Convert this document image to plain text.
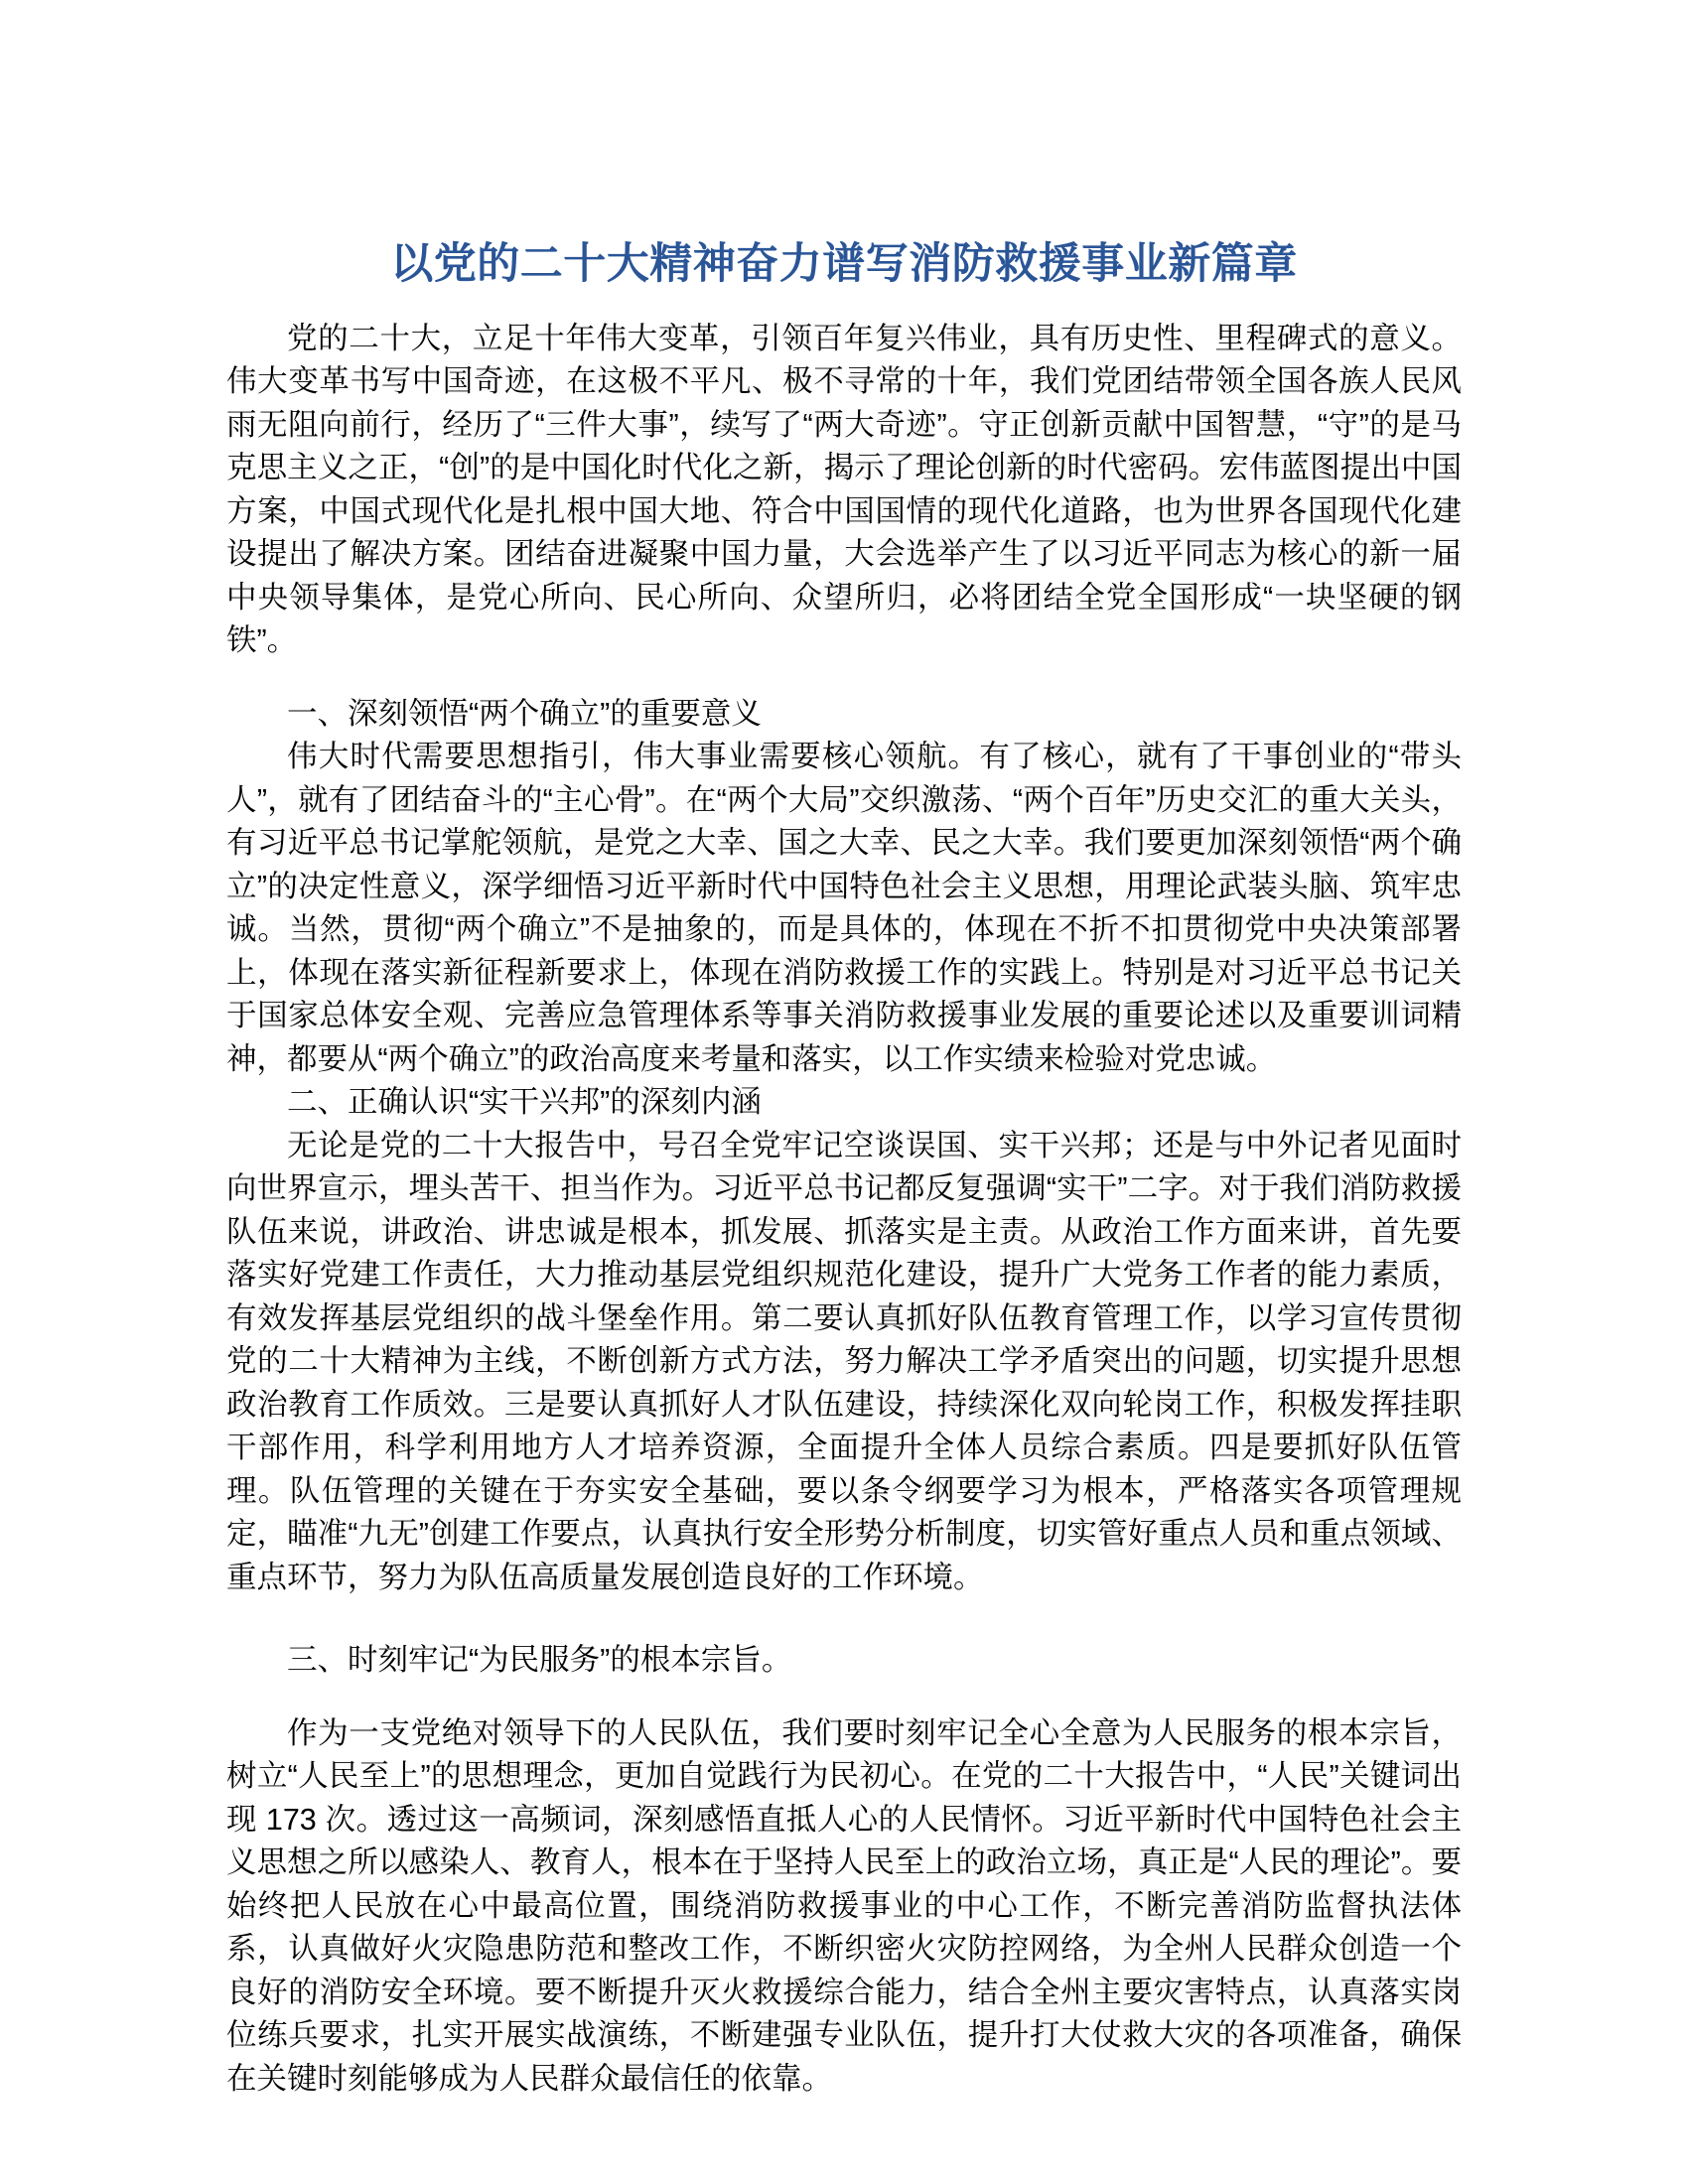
以党的二十大精神奋力谱写消防救援事业新篇章

党的二十大，立足十年伟大变革，引领百年复兴伟业，具有历史性、里程碑式的意义。伟大变革书写中国奇迹，在这极不平凡、极不寻常的十年，我们党团结带领全国各族人民风雨无阻向前行，经历了“三件大事”，续写了“两大奇迹”。守正创新贡献中国智慧，“守”的是马克思主义之正，“创”的是中国化时代化之新，揭示了理论创新的时代密码。宏伟蓝图提出中国方案，中国式现代化是扎根中国大地、符合中国国情的现代化道路，也为世界各国现代化建设提出了解决方案。团结奋进凝聚中国力量，大会选举产生了以习近平同志为核心的新一届中央领导集体，是党心所向、民心所向、众望所归，必将团结全党全国形成“一块坚硬的钢铁”。

一、深刻领悟“两个确立”的重要意义

伟大时代需要思想指引，伟大事业需要核心领航。有了核心，就有了干事创业的“带头人”，就有了团结奋斗的“主心骨”。在“两个大局”交织激荡、“两个百年”历史交汇的重大关头，有习近平总书记掌舵领航，是党之大幸、国之大幸、民之大幸。我们要更加深刻领悟“两个确立”的决定性意义，深学细悟习近平新时代中国特色社会主义思想，用理论武装头脑、筑牢忠诚。当然，贯彻“两个确立”不是抽象的，而是具体的，体现在不折不扣贯彻党中央决策部署上，体现在落实新征程新要求上，体现在消防救援工作的实践上。特别是对习近平总书记关于国家总体安全观、完善应急管理体系等事关消防救援事业发展的重要论述以及重要训词精神，都要从“两个确立”的政治高度来考量和落实，以工作实绩来检验对党忠诚。

二、正确认识“实干兴邦”的深刻内涵

无论是党的二十大报告中，号召全党牢记空谈误国、实干兴邦；还是与中外记者见面时向世界宣示，埋头苦干、担当作为。习近平总书记都反复强调“实干”二字。对于我们消防救援队伍来说，讲政治、讲忠诚是根本，抓发展、抓落实是主责。从政治工作方面来讲，首先要落实好党建工作责任，大力推动基层党组织规范化建设，提升广大党务工作者的能力素质，有效发挥基层党组织的战斗堡垒作用。第二要认真抓好队伍教育管理工作，以学习宣传贯彻党的二十大精神为主线，不断创新方式方法，努力解决工学矛盾突出的问题，切实提升思想政治教育工作质效。三是要认真抓好人才队伍建设，持续深化双向轮岗工作，积极发挥挂职干部作用，科学利用地方人才培养资源，全面提升全体人员综合素质。四是要抓好队伍管理。队伍管理的关键在于夯实安全基础，要以条令纲要学习为根本，严格落实各项管理规定，瞄准“九无”创建工作要点，认真执行安全形势分析制度，切实管好重点人员和重点领域、重点环节，努力为队伍高质量发展创造良好的工作环境。

三、时刻牢记“为民服务”的根本宗旨。

作为一支党绝对领导下的人民队伍，我们要时刻牢记全心全意为人民服务的根本宗旨，树立“人民至上”的思想理念，更加自觉践行为民初心。在党的二十大报告中，“人民”关键词出现 173 次。透过这一高频词，深刻感悟直抵人心的人民情怀。习近平新时代中国特色社会主义思想之所以感染人、教育人，根本在于坚持人民至上的政治立场，真正是“人民的理论”。要始终把人民放在心中最高位置，围绕消防救援事业的中心工作，不断完善消防监督执法体系，认真做好火灾隐患防范和整改工作，不断织密火灾防控网络，为全州人民群众创造一个良好的消防安全环境。要不断提升灭火救援综合能力，结合全州主要灾害特点，认真落实岗位练兵要求，扎实开展实战演练，不断建强专业队伍，提升打大仗救大灾的各项准备，确保在关键时刻能够成为人民群众最信任的依靠。
